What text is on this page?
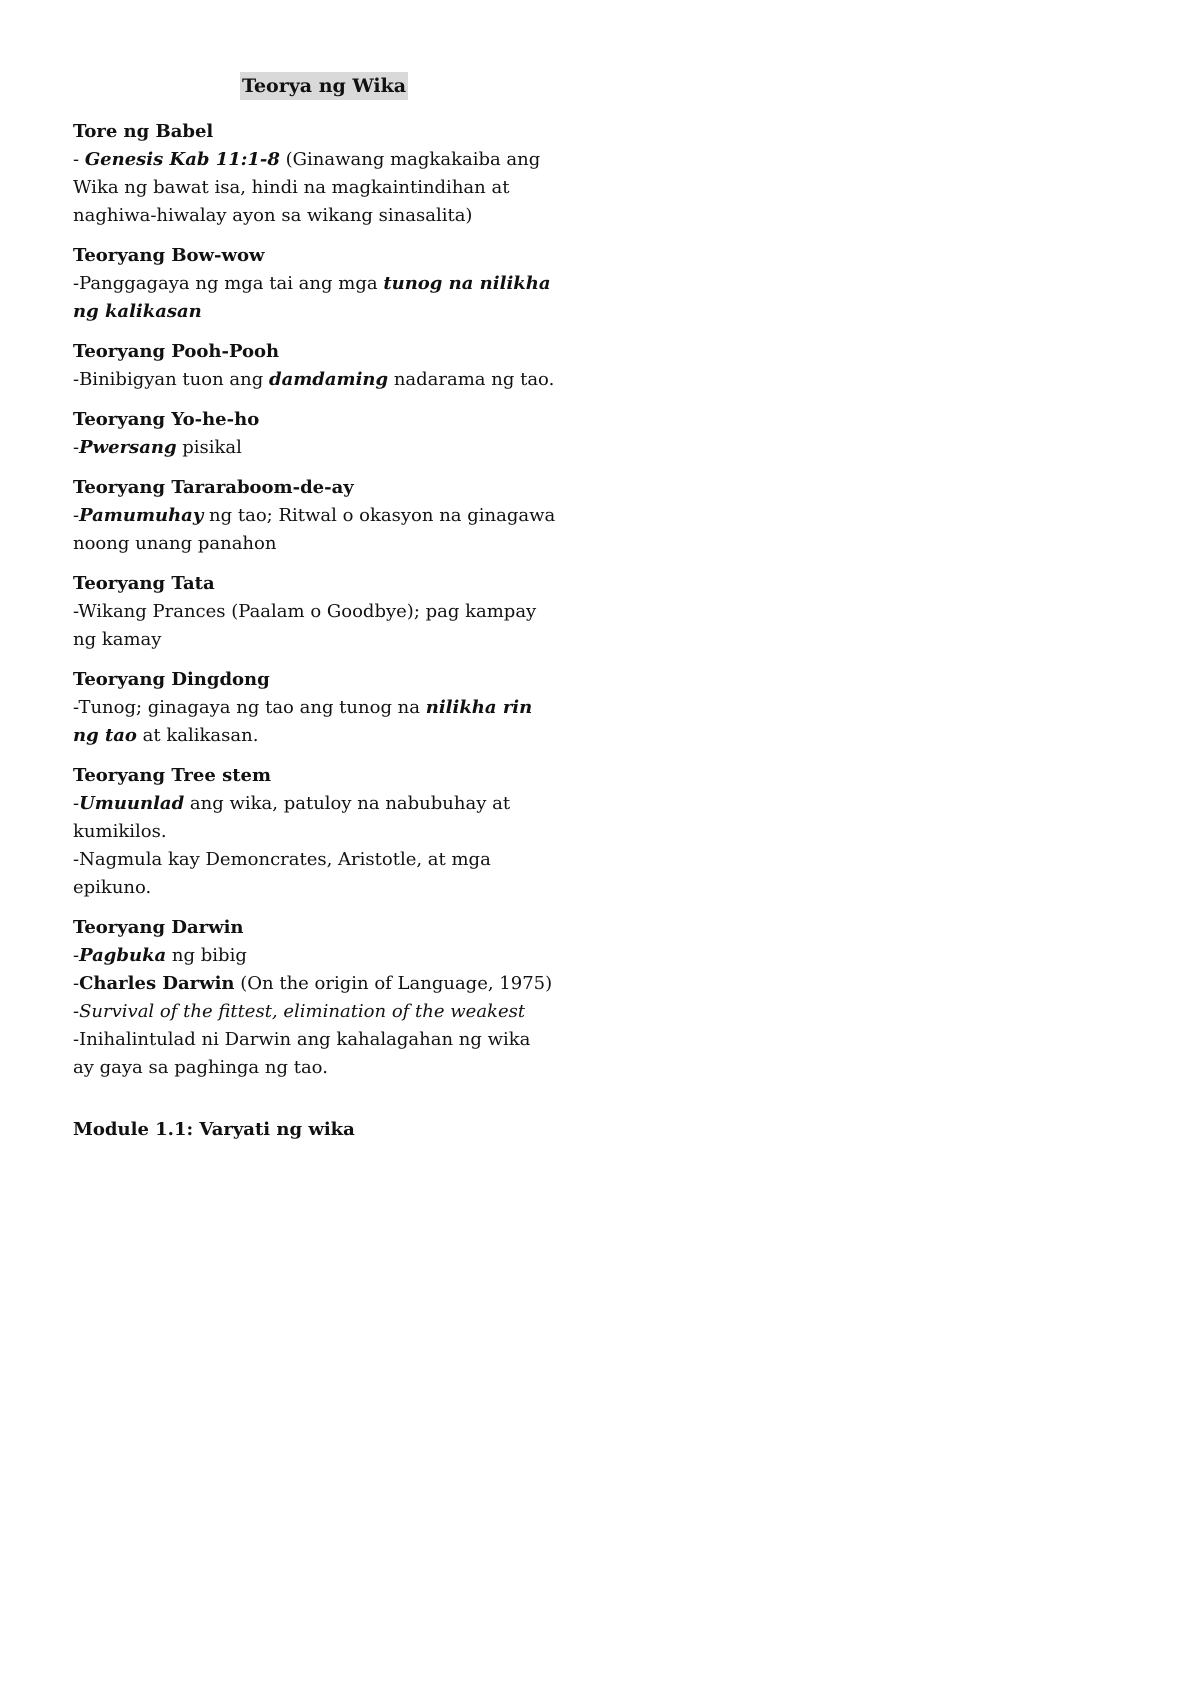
Teorya ng Wika
Tore ng Babel
- Genesis Kab 11:1-8 (Ginawang magkakaiba ang
Wika ng bawat isa, hindi na magkaintindihan at
naghiwa-hiwalay ayon sa wikang sinasalita)
Teoryang Bow-wow
-Panggagaya ng mga tai ang mga tunog na nilikha
ng kalikasan
Teoryang Pooh-Pooh
-Binibigyan tuon ang damdaming nadarama ng tao.
Teoryang Yo-he-ho
-Pwersang pisikal
Teoryang Tararaboom-de-ay
-Pamumuhay ng tao; Ritwal o okasyon na ginagawa
noong unang panahon
Teoryang Tata
-Wikang Prances (Paalam o Goodbye); pag kampay
ng kamay
Teoryang Dingdong
-Tunog; ginagaya ng tao ang tunog na nilikha rin
ng tao at kalikasan.
Teoryang Tree stem
-Umuunlad ang wika, patuloy na nabubuhay at
kumikilos.
-Nagmula kay Demoncrates, Aristotle, at mga
epikuno.
Teoryang Darwin
-Pagbuka ng bibig
-Charles Darwin (On the origin of Language, 1975)
-Survival of the fittest, elimination of the weakest
-Inihalintulad ni Darwin ang kahalagahan ng wika
ay gaya sa paghinga ng tao.
Module 1.1: Varyati ng wika
